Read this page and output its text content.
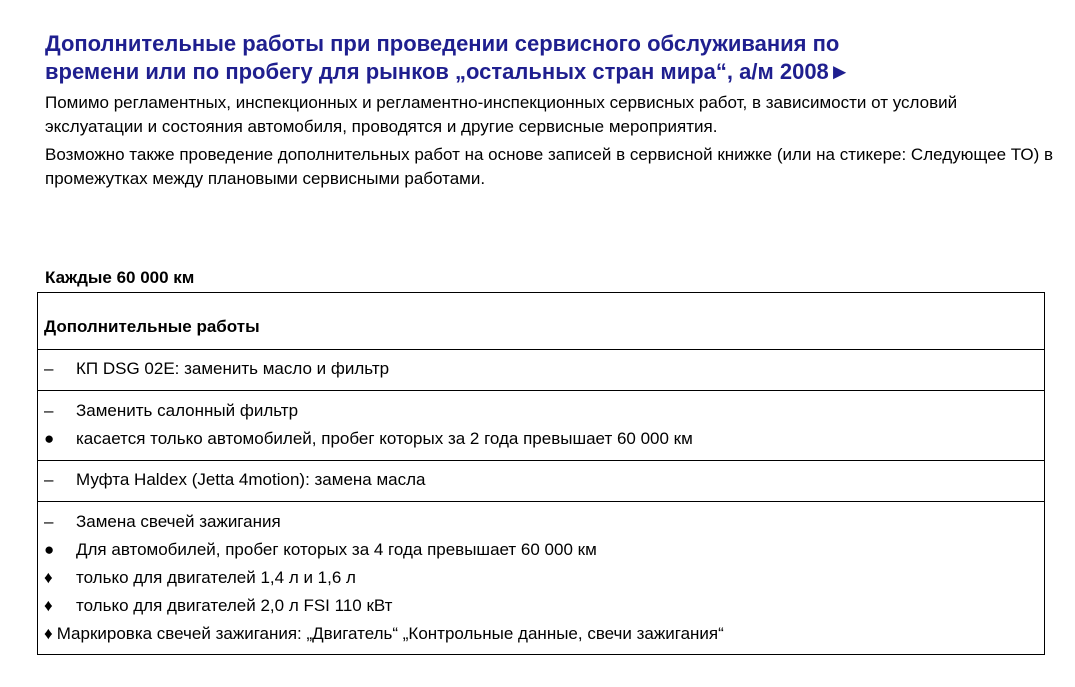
Дополнительные работы при проведении сервисного обслуживания по
времени или по пробегу для рынков „остальных стран мира“, а/м 2008►

Помимо регламентных, инспекционных и регламентно-инспекционных сервисных работ, в зависимости от условий экслуатации и состояния автомобиля, проводятся и другие сервисные мероприятия.

Возможно также проведение дополнительных работ на основе записей в сервисной книжке (или на стикере: Следующее ТО) в промежутках между плановыми сервисными работами.

Каждые 60 000 км
Дополнительные работы
–	КП DSG 02E: заменить масло и фильтр
–	Заменить салонный фильтр
●	касается только автомобилей, пробег которых за 2 года превышает 60 000 км
–	Муфта Haldex (Jetta 4motion): замена масла
–	Замена свечей зажигания
●	Для автомобилей, пробег которых за 4 года превышает 60 000 км
♦	только для двигателей 1,4 л и 1,6 л
♦	только для двигателей 2,0 л FSI 110 кВт
♦ Маркировка свечей зажигания: „Двигатель“ „Контрольные данные, свечи зажигания“
